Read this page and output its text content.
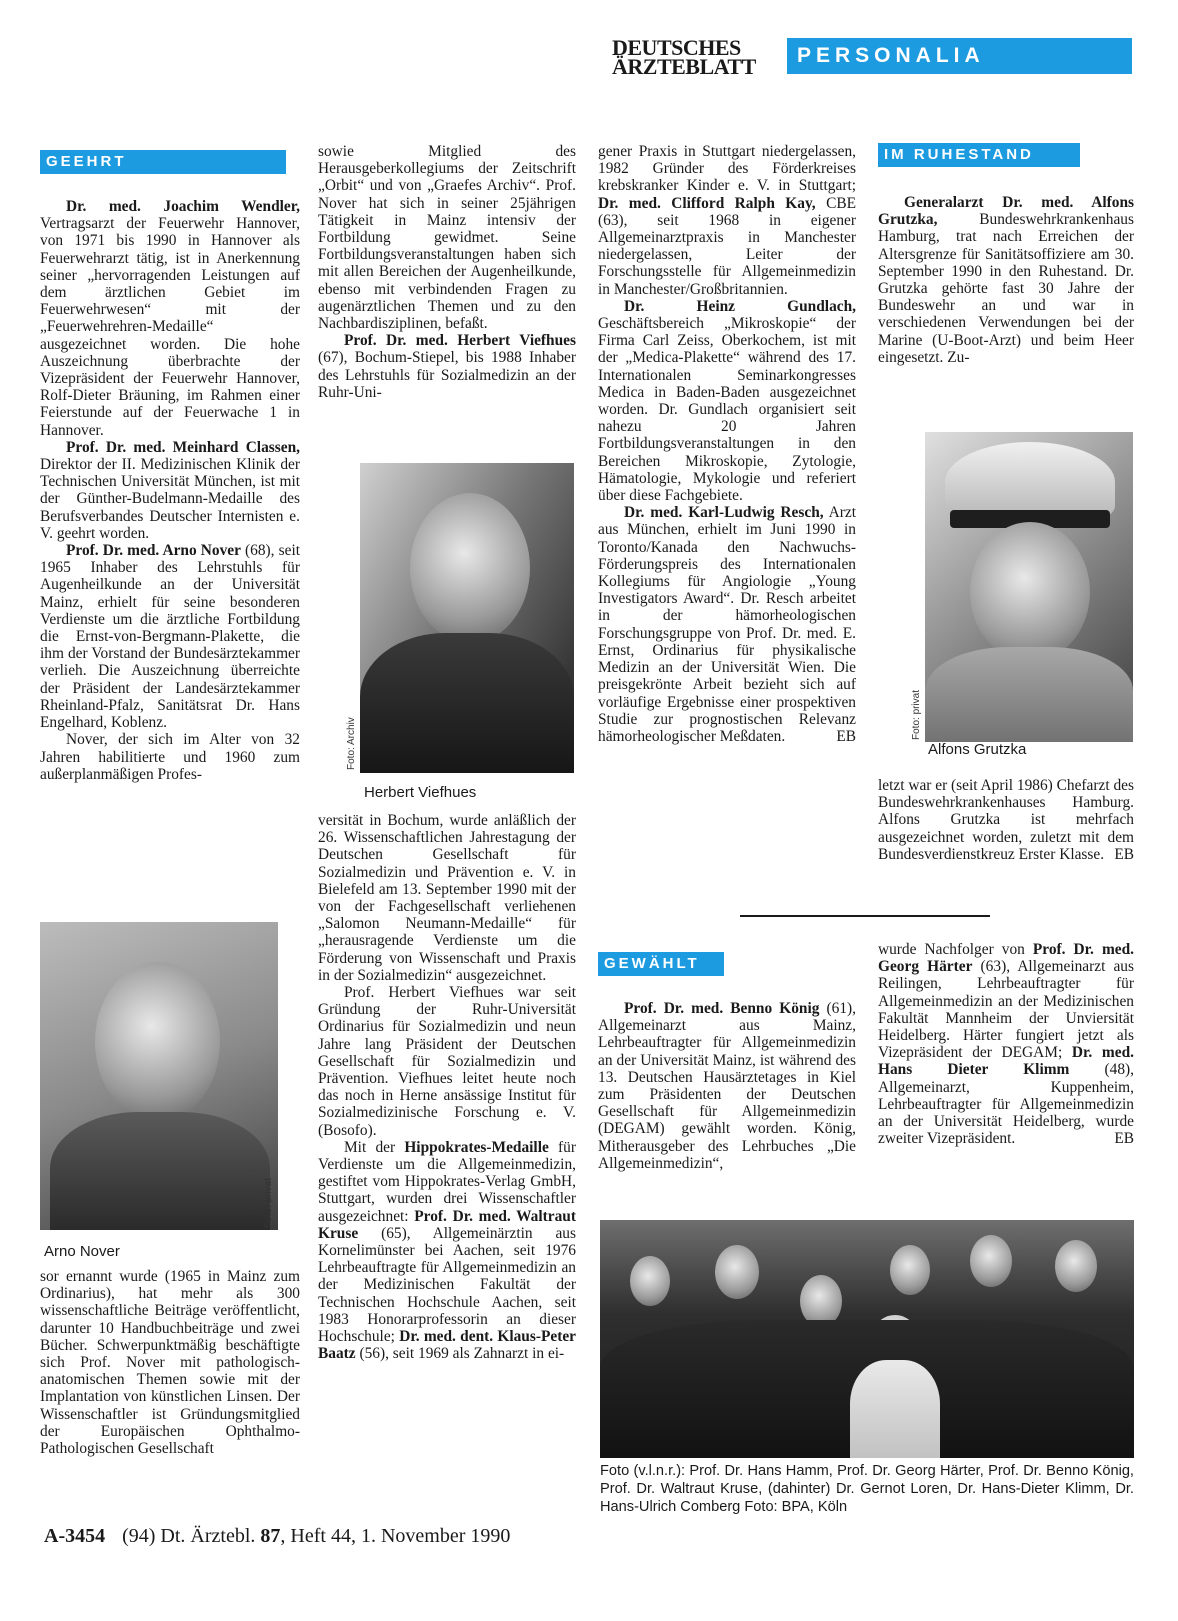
DEUTSCHES
ÄRZTEBLATT	PERSONALIA
GEEHRT

Dr. med. Joachim Wendler, Vertragsarzt der Feuerwehr Hannover, von 1971 bis 1990 in Hannover als Feuerwehrarzt tätig, ist in Anerkennung seiner „hervorragenden Leistungen auf dem ärztlichen Gebiet im Feuerwehrwesen“ mit der „Feuerwehrehren-Medaille“ ausgezeichnet worden. Die hohe Auszeichnung überbrachte der Vizepräsident der Feuerwehr Hannover, Rolf-Dieter Bräuning, im Rahmen einer Feierstunde auf der Feuerwache 1 in Hannover.

Prof. Dr. med. Meinhard Classen, Direktor der II. Medizinischen Klinik der Technischen Universität München, ist mit der Günther-Budelmann-Medaille des Berufsverbandes Deutscher Internisten e. V. geehrt worden.

Prof. Dr. med. Arno Nover (68), seit 1965 Inhaber des Lehrstuhls für Augenheilkunde an der Universität Mainz, erhielt für seine besonderen Verdienste um die ärztliche Fortbildung die Ernst-von-Bergmann-Plakette, die ihm der Vorstand der Bundesärztekammer verlieh. Die Auszeichnung überreichte der Präsident der Landesärztekammer Rheinland-Pfalz, Sanitätsrat Dr. Hans Engelhard, Koblenz.

Nover, der sich im Alter von 32 Jahren habilitierte und 1960 zum außerplanmäßigen Profes-

Foto: privat
Arno Nover

sor ernannt wurde (1965 in Mainz zum Ordinarius), hat mehr als 300 wissenschaftliche Beiträge veröffentlicht, darunter 10 Handbuchbeiträge und zwei Bücher. Schwerpunktmäßig beschäftigte sich Prof. Nover mit pathologisch-anatomischen Themen sowie mit der Implantation von künstlichen Linsen. Der Wissenschaftler ist Gründungsmitglied der Europäischen Ophthalmo-Pathologischen Gesellschaft

sowie Mitglied des Herausgeberkollegiums der Zeitschrift „Orbit“ und von „Graefes Archiv“. Prof. Nover hat sich in seiner 25jährigen Tätigkeit in Mainz intensiv der Fortbildung gewidmet. Seine Fortbildungsveranstaltungen haben sich mit allen Bereichen der Augenheilkunde, ebenso mit verbindenden Fragen zu augenärztlichen Themen und zu den Nachbardisziplinen, befaßt.

Prof. Dr. med. Herbert Viefhues (67), Bochum-Stiepel, bis 1988 Inhaber des Lehrstuhls für Sozialmedizin an der Ruhr-Uni-

Foto: Archiv
Herbert Viefhues

versität in Bochum, wurde anläßlich der 26. Wissenschaftlichen Jahrestagung der Deutschen Gesellschaft für Sozialmedizin und Prävention e. V. in Bielefeld am 13. September 1990 mit der von der Fachgesellschaft verliehenen „Salomon Neumann-Medaille“ für „herausragende Verdienste um die Förderung von Wissenschaft und Praxis in der Sozialmedizin“ ausgezeichnet.

Prof. Herbert Viefhues war seit Gründung der Ruhr-Universität Ordinarius für Sozialmedizin und neun Jahre lang Präsident der Deutschen Gesellschaft für Sozialmedizin und Prävention. Viefhues leitet heute noch das noch in Herne ansässige Institut für Sozialmedizinische Forschung e. V. (Bosofo).

Mit der Hippokrates-Medaille für Verdienste um die Allgemeinmedizin, gestiftet vom Hippokrates-Verlag GmbH, Stuttgart, wurden drei Wissenschaftler ausgezeichnet: Prof. Dr. med. Waltraut Kruse (65), Allgemeinärztin aus Kornelimünster bei Aachen, seit 1976 Lehrbeauftragte für Allgemeinmedizin an der Medizinischen Fakultät der Technischen Hochschule Aachen, seit 1983 Honorarprofessorin an dieser Hochschule; Dr. med. dent. Klaus-Peter Baatz (56), seit 1969 als Zahnarzt in ei-

gener Praxis in Stuttgart niedergelassen, 1982 Gründer des Förderkreises krebskranker Kinder e. V. in Stuttgart; Dr. med. Clifford Ralph Kay, CBE (63), seit 1968 in eigener Allgemeinarztpraxis in Manchester niedergelassen, Leiter der Forschungsstelle für Allgemeinmedizin in Manchester/Großbritannien.

Dr. Heinz Gundlach, Geschäftsbereich „Mikroskopie“ der Firma Carl Zeiss, Oberkochem, ist mit der „Medica-Plakette“ während des 17. Internationalen Seminarkongresses Medica in Baden-Baden ausgezeichnet worden. Dr. Gundlach organisiert seit nahezu 20 Jahren Fortbildungsveranstaltungen in den Bereichen Mikroskopie, Zytologie, Hämatologie, Mykologie und referiert über diese Fachgebiete.

Dr. med. Karl-Ludwig Resch, Arzt aus München, erhielt im Juni 1990 in Toronto/Kanada den Nachwuchs-Förderungspreis des Internationalen Kollegiums für Angiologie „Young Investigators Award“. Dr. Resch arbeitet in der hämorheologischen Forschungsgruppe von Prof. Dr. med. E. Ernst, Ordinarius für physikalische Medizin an der Universität Wien. Die preisgekrönte Arbeit bezieht sich auf vorläufige Ergebnisse einer prospektiven Studie zur prognostischen Relevanz hämorheologischer Meßdaten.	EB

IM RUHESTAND

Generalarzt Dr. med. Alfons Grutzka, Bundeswehrkrankenhaus Hamburg, trat nach Erreichen der Altersgrenze für Sanitätsoffiziere am 30. September 1990 in den Ruhestand. Dr. Grutzka gehörte fast 30 Jahre der Bundeswehr an und war in verschiedenen Verwendungen bei der Marine (U-Boot-Arzt) und beim Heer eingesetzt. Zu-

Foto: privat
Alfons Grutzka

letzt war er (seit April 1986) Chefarzt des Bundeswehrkrankenhauses Hamburg. Alfons Grutzka ist mehrfach ausgezeichnet worden, zuletzt mit dem Bundesverdienstkreuz Erster Klasse. EB

GEWÄHLT

Prof. Dr. med. Benno König (61), Allgemeinarzt aus Mainz, Lehrbeauftragter für Allgemeinmedizin an der Universität Mainz, ist während des 13. Deutschen Hausärztetages in Kiel zum Präsidenten der Deutschen Gesellschaft für Allgemeinmedizin (DEGAM) gewählt worden. König, Mitherausgeber des Lehrbuches „Die Allgemeinmedizin“,

wurde Nachfolger von Prof. Dr. med. Georg Härter (63), Allgemeinarzt aus Reilingen, Lehrbeauftragter für Allgemeinmedizin an der Medizinischen Fakultät Mannheim der Unviersität Heidelberg. Härter fungiert jetzt als Vizepräsident der DEGAM; Dr. med. Hans Dieter Klimm (48), Allgemeinarzt, Kuppenheim, Lehrbeauftragter für Allgemeinmedizin an der Universität Heidelberg, wurde zweiter Vizepräsident.	EB

Foto (v.l.n.r.): Prof. Dr. Hans Hamm, Prof. Dr. Georg Härter, Prof. Dr. Benno König, Prof. Dr. Waltraut Kruse, (dahinter) Dr. Gernot Loren, Dr. Hans-Dieter Klimm, Dr. Hans-Ulrich Comberg Foto: BPA, Köln
A-3454 (94) Dt. Ärztebl. 87, Heft 44, 1. November 1990
